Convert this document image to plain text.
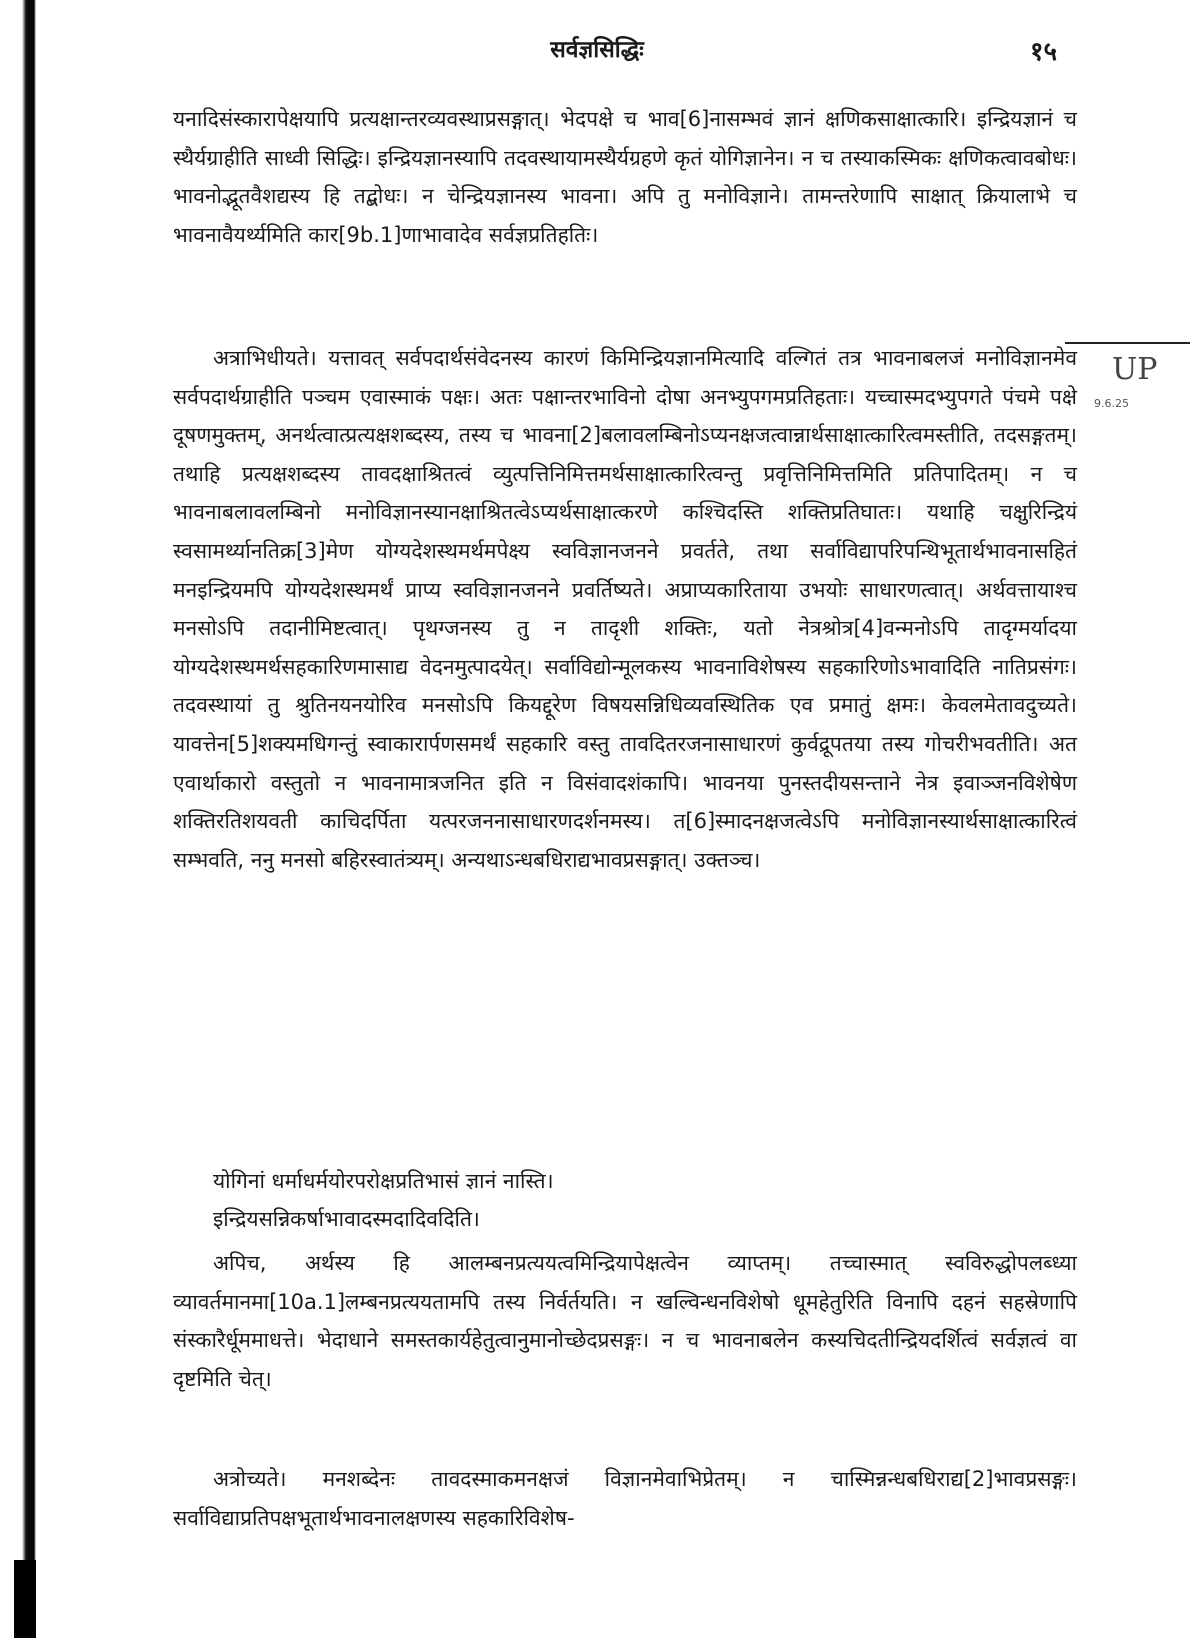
सर्वज्ञसिद्धिः	१५
UP
9.6.25
यनादिसंस्कारापेक्षयापि प्रत्यक्षान्तरव्यवस्थाप्रसङ्गात्। भेदपक्षे च भाव[6]नासम्भवं ज्ञानं क्षणिकसाक्षात्कारि। इन्द्रियज्ञानं च स्थैर्यग्राहीति साध्वी सिद्धिः। इन्द्रियज्ञानस्यापि तदवस्थायामस्थैर्यग्रहणे कृतं योगिज्ञानेन। न च तस्याकस्मिकः क्षणिकत्वावबोधः। भावनोद्भूतवैशद्यस्य हि तद्बोधः। न चेन्द्रियज्ञानस्य भावना। अपि तु मनोविज्ञाने। तामन्तरेणापि साक्षात् क्रियालाभे च भावनावैयर्थ्यमिति कार[9b.1]णाभावादेव सर्वज्ञप्रतिहतिः।
अत्राभिधीयते। यत्तावत् सर्वपदार्थसंवेदनस्य कारणं किमिन्द्रियज्ञानमित्यादि वल्गितं तत्र भावनाबलजं मनोविज्ञानमेव सर्वपदार्थग्राहीति पञ्चम एवास्माकं पक्षः। अतः पक्षान्तरभाविनो दोषा अनभ्युपगमप्रतिहताः। यच्चास्मदभ्युपगते पंचमे पक्षे दूषणमुक्तम्, अनर्थत्वात्प्रत्यक्षशब्दस्य, तस्य च भावना[2]बलावलम्बिनोऽप्यनक्षजत्वान्नार्थसाक्षात्कारित्वमस्तीति, तदसङ्गतम्। तथाहि प्रत्यक्षशब्दस्य तावदक्षाश्रितत्वं व्युत्पत्तिनिमित्तमर्थसाक्षात्कारित्वन्तु प्रवृत्तिनिमित्तमिति प्रतिपादितम्। न च भावनाबलावलम्बिनो मनोविज्ञानस्यानक्षाश्रितत्वेऽप्यर्थसाक्षात्करणे कश्चिदस्ति शक्तिप्रतिघातः। यथाहि चक्षुरिन्द्रियं स्वसामर्थ्यानतिक्र[3]मेण योग्यदेशस्थमर्थमपेक्ष्य स्वविज्ञानजनने प्रवर्तते, तथा सर्वाविद्यापरिपन्थिभूतार्थभावनासहितं मनइन्द्रियमपि योग्यदेशस्थमर्थं प्राप्य स्वविज्ञानजनने प्रवर्तिष्यते। अप्राप्यकारिताया उभयोः साधारणत्वात्। अर्थवत्तायाश्च मनसोऽपि तदानीमिष्टत्वात्। पृथग्जनस्य तु न तादृशी शक्तिः, यतो नेत्रश्रोत्र[4]वन्मनोऽपि तादृग्मर्यादया योग्यदेशस्थमर्थसहकारिणमासाद्य वेदनमुत्पादयेत्। सर्वाविद्योन्मूलकस्य भावनाविशेषस्य सहकारिणोऽभावादिति नातिप्रसंगः। तदवस्थायां तु श्रुतिनयनयोरिव मनसोऽपि कियद्दूरेण विषयसन्निधिव्यवस्थितिक एव प्रमातुं क्षमः। केवलमेतावदुच्यते। यावत्तेन[5]शक्यमधिगन्तुं स्वाकारार्पणसमर्थं सहकारि वस्तु तावदितरजनासाधारणं कुर्वद्रूपतया तस्य गोचरीभवतीति। अत एवार्थाकारो वस्तुतो न भावनामात्रजनित इति न विसंवादशंकापि। भावनया पुनस्तदीयसन्ताने नेत्र इवाञ्जनविशेषेण शक्तिरतिशयवती काचिदर्पिता यत्परजननासाधारणदर्शनमस्य। त[6]स्मादनक्षजत्वेऽपि मनोविज्ञानस्यार्थसाक्षात्कारित्वं सम्भवति, ननु मनसो बहिरस्वातंत्र्यम्। अन्यथाऽन्धबधिराद्यभावप्रसङ्गात्। उक्तञ्च।
योगिनां धर्माधर्मयोरपरोक्षप्रतिभासं ज्ञानं नास्ति।
इन्द्रियसन्निकर्षाभावादस्मदादिवदिति।
अपिच, अर्थस्य हि आलम्बनप्रत्ययत्वमिन्द्रियापेक्षत्वेन व्याप्तम्। तच्चास्मात् स्वविरुद्धोपलब्ध्या व्यावर्तमानमा[10a.1]लम्बनप्रत्ययतामपि तस्य निर्वर्तयति। न खल्विन्धनविशेषो धूमहेतुरिति विनापि दहनं सहस्रेणापि संस्कारैर्धूममाधत्ते। भेदाधाने समस्तकार्यहेतुत्वानुमानोच्छेदप्रसङ्गः। न च भावनाबलेन कस्यचिदतीन्द्रियदर्शित्वं सर्वज्ञत्वं वा दृष्टमिति चेत्।
अत्रोच्यते। मनशब्देनः तावदस्माकमनक्षजं विज्ञानमेवाभिप्रेतम्। न चास्मिन्नन्धबधिराद्य[2]भावप्रसङ्गः। सर्वाविद्याप्रतिपक्षभूतार्थभावनालक्षणस्य सहकारिविशेष-
